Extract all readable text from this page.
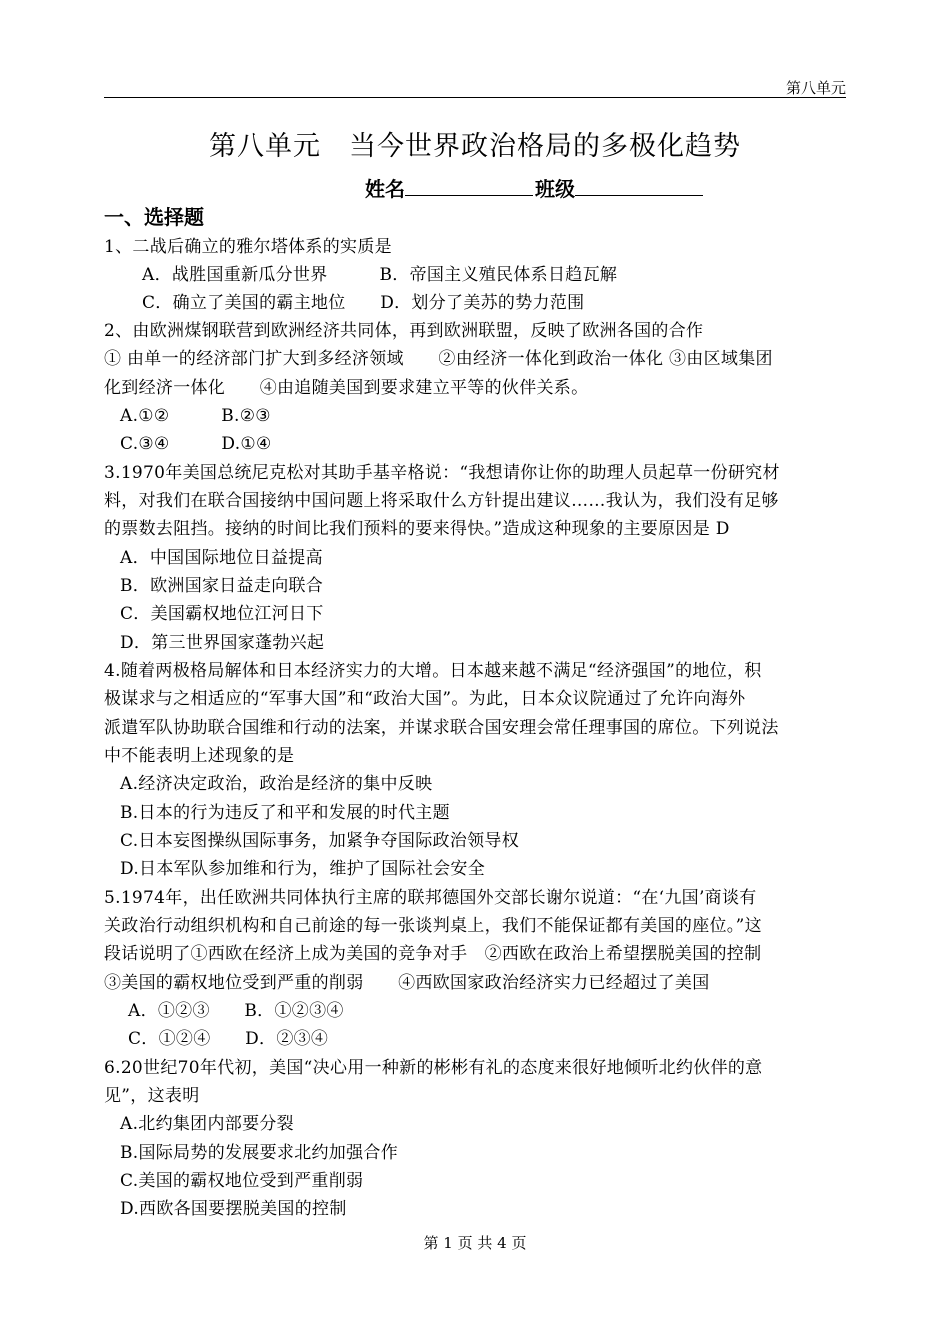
第八单元
第八单元　当今世界政治格局的多极化趋势
姓名	班级
一、选择题
1、二战后确立的雅尔塔体系的实质是
A．战胜国重新瓜分世界　　　B．帝国主义殖民体系日趋瓦解
C．确立了美国的霸主地位　　D．划分了美苏的势力范围
2、由欧洲煤钢联营到欧洲经济共同体，再到欧洲联盟，反映了欧洲各国的合作
① 由单一的经济部门扩大到多经济领域　　②由经济一体化到政治一体化 ③由区域集团
化到经济一体化　　④由追随美国到要求建立平等的伙伴关系。
A.①②　　　B.②③
C.③④　　　D.①④
3.1970年美国总统尼克松对其助手基辛格说：“我想请你让你的助理人员起草一份研究材
料，对我们在联合国接纳中国问题上将采取什么方针提出建议……我认为，我们没有足够
的票数去阻挡。接纳的时间比我们预料的要来得快。”造成这种现象的主要原因是 D
A．中国国际地位日益提高
B．欧洲国家日益走向联合
C．美国霸权地位江河日下
D．第三世界国家蓬勃兴起
4.随着两极格局解体和日本经济实力的大增。日本越来越不满足“经济强国”的地位，积
极谋求与之相适应的“军事大国”和“政治大国”。为此，日本众议院通过了允许向海外
派遣军队协助联合国维和行动的法案，并谋求联合国安理会常任理事国的席位。下列说法
中不能表明上述现象的是
A.经济决定政治，政治是经济的集中反映
B.日本的行为违反了和平和发展的时代主题
C.日本妄图操纵国际事务，加紧争夺国际政治领导权
D.日本军队参加维和行为，维护了国际社会安全
5.1974年，出任欧洲共同体执行主席的联邦德国外交部长谢尔说道：“在‘九国’商谈有
关政治行动组织机构和自己前途的每一张谈判桌上，我们不能保证都有美国的座位。”这
段话说明了①西欧在经济上成为美国的竞争对手　②西欧在政治上希望摆脱美国的控制
③美国的霸权地位受到严重的削弱　　④西欧国家政治经济实力已经超过了美国
A．①②③　　B．①②③④
C．①②④　　D．②③④
6.20世纪70年代初，美国“决心用一种新的彬彬有礼的态度来很好地倾听北约伙伴的意
见”，这表明
A.北约集团内部要分裂
B.国际局势的发展要求北约加强合作
C.美国的霸权地位受到严重削弱
D.西欧各国要摆脱美国的控制
第 1 页 共 4 页
